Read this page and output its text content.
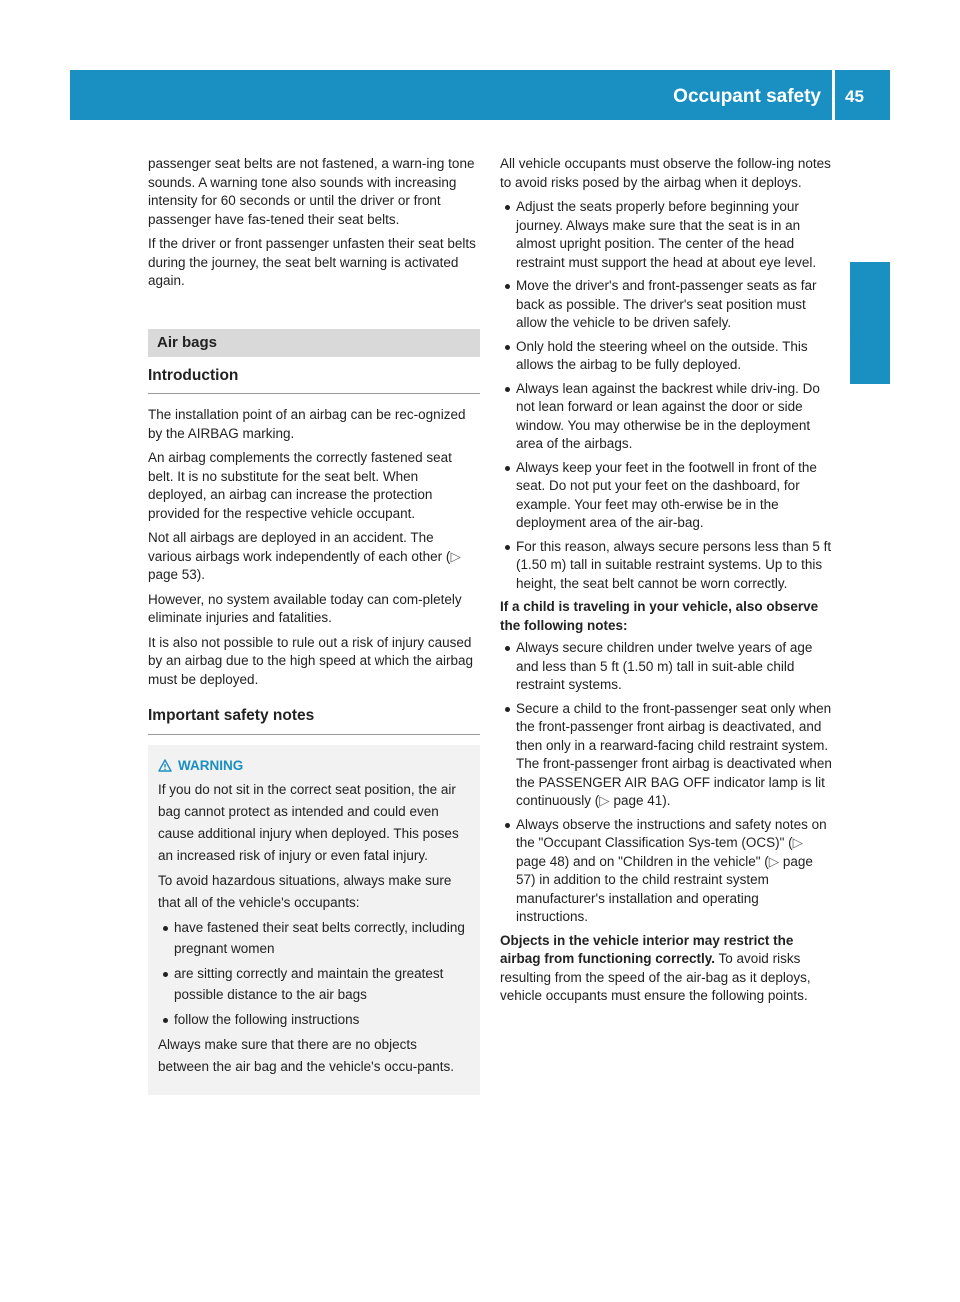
Occupant safety 45
Safety

passenger seat belts are not fastened, a warn-ing tone sounds. A warning tone also sounds with increasing intensity for 60 seconds or until the driver or front passenger have fas-tened their seat belts.

If the driver or front passenger unfasten their seat belts during the journey, the seat belt warning is activated again.

Air bags
Introduction

The installation point of an airbag can be rec-ognized by the AIRBAG marking.

An airbag complements the correctly fastened seat belt. It is no substitute for the seat belt. When deployed, an airbag can increase the protection provided for the respective vehicle occupant.

Not all airbags are deployed in an accident. The various airbags work independently of each other (▷ page 53).

However, no system available today can com-pletely eliminate injuries and fatalities.

It is also not possible to rule out a risk of injury caused by an airbag due to the high speed at which the airbag must be deployed.

Important safety notes
WARNING

If you do not sit in the correct seat position, the air bag cannot protect as intended and could even cause additional injury when deployed. This poses an increased risk of injury or even fatal injury.

To avoid hazardous situations, always make sure that all of the vehicle's occupants:

have fastened their seat belts correctly, including pregnant women
are sitting correctly and maintain the greatest possible distance to the air bags
follow the following instructions

Always make sure that there are no objects between the air bag and the vehicle's occu-pants.

All vehicle occupants must observe the follow-ing notes to avoid risks posed by the airbag when it deploys.

Adjust the seats properly before beginning your journey. Always make sure that the seat is in an almost upright position. The center of the head restraint must support the head at about eye level.
Move the driver's and front-passenger seats as far back as possible. The driver's seat position must allow the vehicle to be driven safely.
Only hold the steering wheel on the outside. This allows the airbag to be fully deployed.
Always lean against the backrest while driv-ing. Do not lean forward or lean against the door or side window. You may otherwise be in the deployment area of the airbags.
Always keep your feet in the footwell in front of the seat. Do not put your feet on the dashboard, for example. Your feet may oth-erwise be in the deployment area of the air-bag.
For this reason, always secure persons less than 5 ft (1.50 m) tall in suitable restraint systems. Up to this height, the seat belt cannot be worn correctly.
If a child is traveling in your vehicle, also observe the following notes:
Always secure children under twelve years of age and less than 5 ft (1.50 m) tall in suit-able child restraint systems.
Secure a child to the front-passenger seat only when the front-passenger front airbag is deactivated, and then only in a rearward-facing child restraint system. The front-passenger front airbag is deactivated when the PASSENGER AIR BAG OFF indicator lamp is lit continuously (▷ page 41).
Always observe the instructions and safety notes on the "Occupant Classification Sys-tem (OCS)" (▷ page 48) and on "Children in the vehicle" (▷ page 57) in addition to the child restraint system manufacturer's installation and operating instructions.

Objects in the vehicle interior may restrict the airbag from functioning correctly. To avoid risks resulting from the speed of the air-bag as it deploys, vehicle occupants must ensure the following points.
